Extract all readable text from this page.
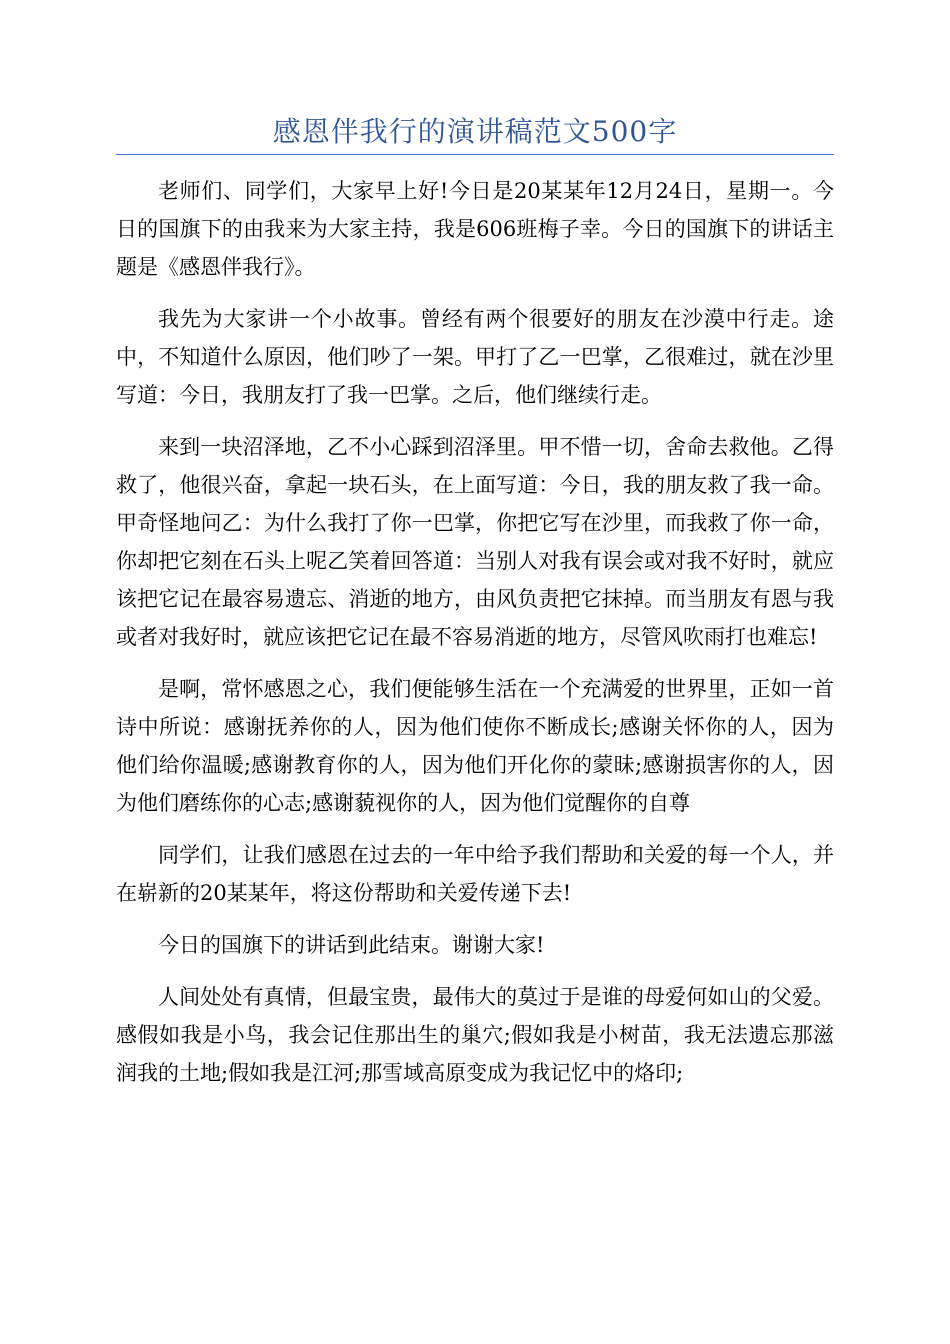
感恩伴我行的演讲稿范文500字

老师们、同学们，大家早上好!今日是20某某年12月24日，星期一。今日的国旗下的由我来为大家主持，我是606班梅子幸。今日的国旗下的讲话主题是《感恩伴我行》。

我先为大家讲一个小故事。曾经有两个很要好的朋友在沙漠中行走。途中，不知道什么原因，他们吵了一架。甲打了乙一巴掌，乙很难过，就在沙里写道：今日，我朋友打了我一巴掌。之后，他们继续行走。

来到一块沼泽地，乙不小心踩到沼泽里。甲不惜一切，舍命去救他。乙得救了，他很兴奋，拿起一块石头，在上面写道：今日，我的朋友救了我一命。甲奇怪地问乙：为什么我打了你一巴掌，你把它写在沙里，而我救了你一命，你却把它刻在石头上呢乙笑着回答道：当别人对我有误会或对我不好时，就应该把它记在最容易遗忘、消逝的地方，由风负责把它抹掉。而当朋友有恩与我或者对我好时，就应该把它记在最不容易消逝的地方，尽管风吹雨打也难忘!

是啊，常怀感恩之心，我们便能够生活在一个充满爱的世界里，正如一首诗中所说：感谢抚养你的人，因为他们使你不断成长;感谢关怀你的人，因为他们给你温暖;感谢教育你的人，因为他们开化你的蒙昧;感谢损害你的人，因为他们磨练你的心志;感谢藐视你的人，因为他们觉醒你的自尊

同学们，让我们感恩在过去的一年中给予我们帮助和关爱的每一个人，并在崭新的20某某年，将这份帮助和关爱传递下去!

今日的国旗下的讲话到此结束。谢谢大家!

人间处处有真情，但最宝贵，最伟大的莫过于是谁的母爱何如山的父爱。感假如我是小鸟，我会记住那出生的巢穴;假如我是小树苗，我无法遗忘那滋润我的土地;假如我是江河;那雪域高原变成为我记忆中的烙印;
